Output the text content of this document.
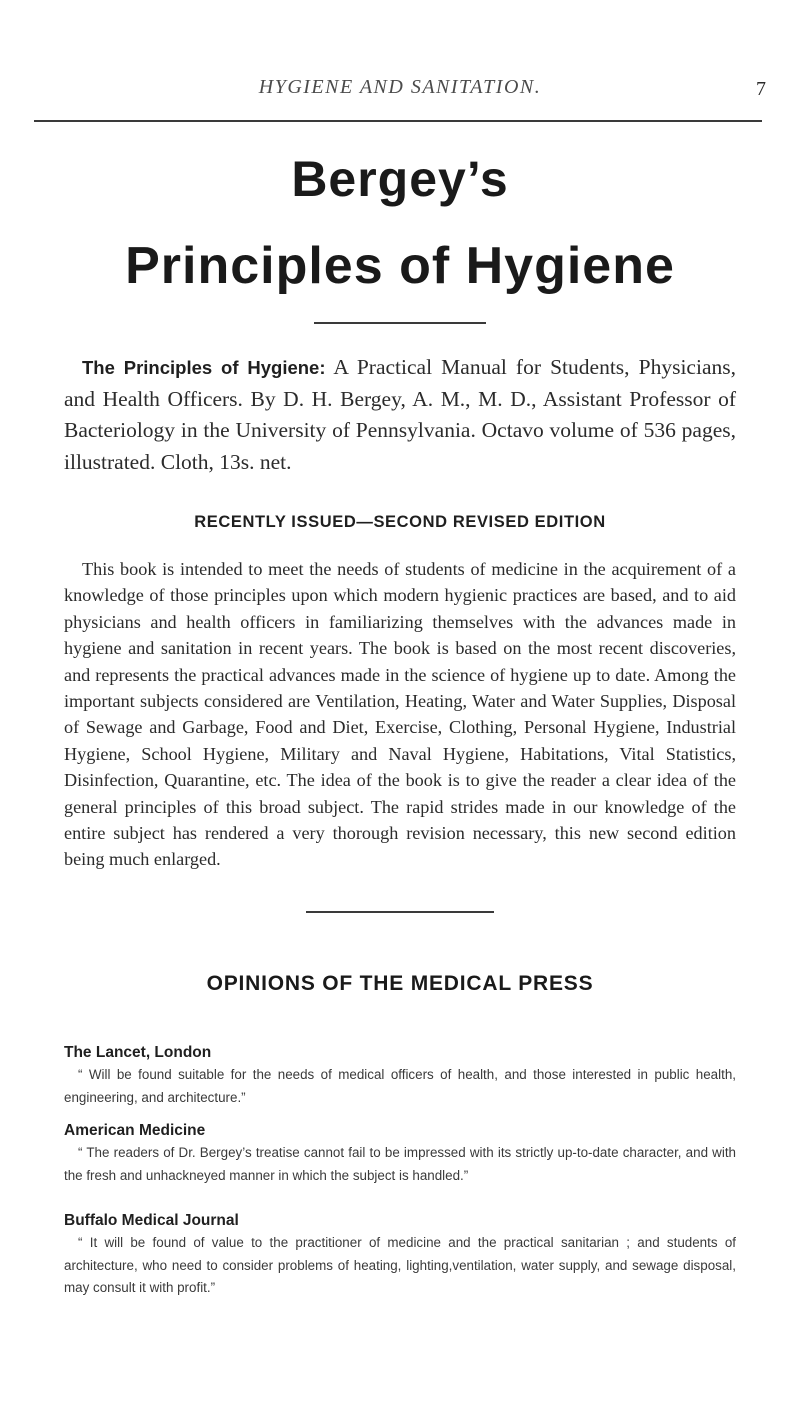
HYGIENE AND SANITATION.	7
Bergey’s
Principles of Hygiene

The Principles of Hygiene: A Practical Manual for Students, Physicians, and Health Officers. By D. H. Bergey, A. M., M. D., Assistant Professor of Bacteriology in the University of Pennsylvania. Octavo volume of 536 pages, illustrated. Cloth, 13s. net.

RECENTLY ISSUED—SECOND REVISED EDITION

This book is intended to meet the needs of students of medicine in the acquirement of a knowledge of those principles upon which modern hygienic practices are based, and to aid physicians and health officers in familiarizing themselves with the advances made in hygiene and sanitation in recent years. The book is based on the most recent discoveries, and represents the practical advances made in the science of hygiene up to date. Among the important subjects considered are Ventilation, Heating, Water and Water Supplies, Disposal of Sewage and Garbage, Food and Diet, Exercise, Clothing, Personal Hygiene, Industrial Hygiene, School Hygiene, Military and Naval Hygiene, Habitations, Vital Statistics, Disinfection, Quarantine, etc. The idea of the book is to give the reader a clear idea of the general principles of this broad subject. The rapid strides made in our knowledge of the entire subject has rendered a very thorough revision necessary, this new second edition being much enlarged.

OPINIONS OF THE MEDICAL PRESS
The Lancet, London
“ Will be found suitable for the needs of medical officers of health, and those interested in public health, engineering, and architecture.”
American Medicine
“ The readers of Dr. Bergey’s treatise cannot fail to be impressed with its strictly up-to-date character, and with the fresh and unhackneyed manner in which the subject is handled.”
Buffalo Medical Journal
“ It will be found of value to the practitioner of medicine and the practical sanitarian ; and students of architecture, who need to consider problems of heating, lighting,ventilation, water supply, and sewage disposal, may consult it with profit.”
